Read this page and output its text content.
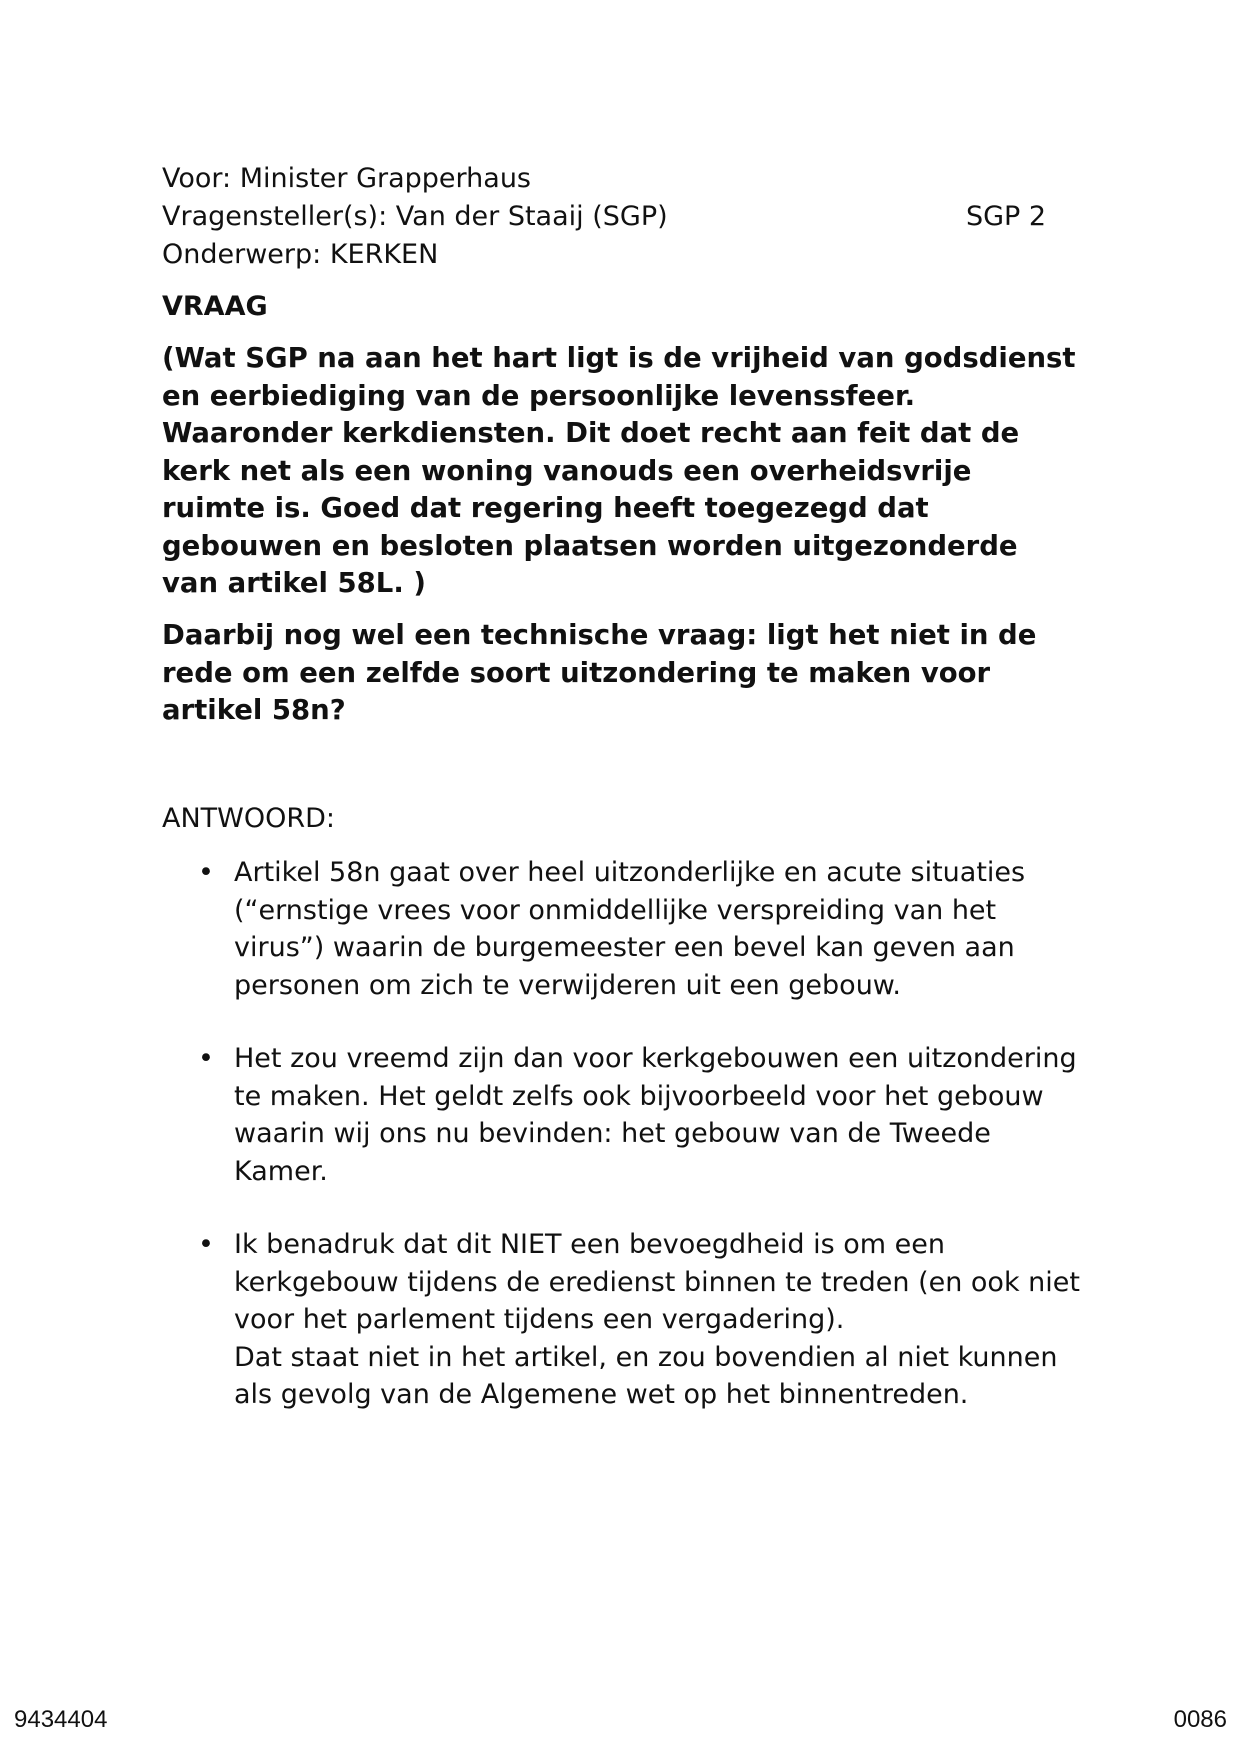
Voor: Minister Grapperhaus
Vragensteller(s): Van der Staaij (SGP)
Onderwerp: KERKEN
SGP 2
VRAAG

(Wat SGP na aan het hart ligt is de vrijheid van godsdienst en eerbiediging van de persoonlijke levenssfeer. Waaronder kerkdiensten. Dit doet recht aan feit dat de kerk net als een woning vanouds een overheidsvrije ruimte is. Goed dat regering heeft toegezegd dat gebouwen en besloten plaatsen worden uitgezonderde van artikel 58L. )

Daarbij nog wel een technische vraag: ligt het niet in de rede om een zelfde soort uitzondering te maken voor artikel 58n?

ANTWOORD:
• Artikel 58n gaat over heel uitzonderlijke en acute situaties (“ernstige vrees voor onmiddellijke verspreiding van het virus”) waarin de burgemeester een bevel kan geven aan personen om zich te verwijderen uit een gebouw.
• Het zou vreemd zijn dan voor kerkgebouwen een uitzondering te maken. Het geldt zelfs ook bijvoorbeeld voor het gebouw waarin wij ons nu bevinden: het gebouw van de Tweede Kamer.
• Ik benadruk dat dit NIET een bevoegdheid is om een kerkgebouw tijdens de eredienst binnen te treden (en ook niet voor het parlement tijdens een vergadering).
Dat staat niet in het artikel, en zou bovendien al niet kunnen als gevolg van de Algemene wet op het binnentreden.
9434404	0086
